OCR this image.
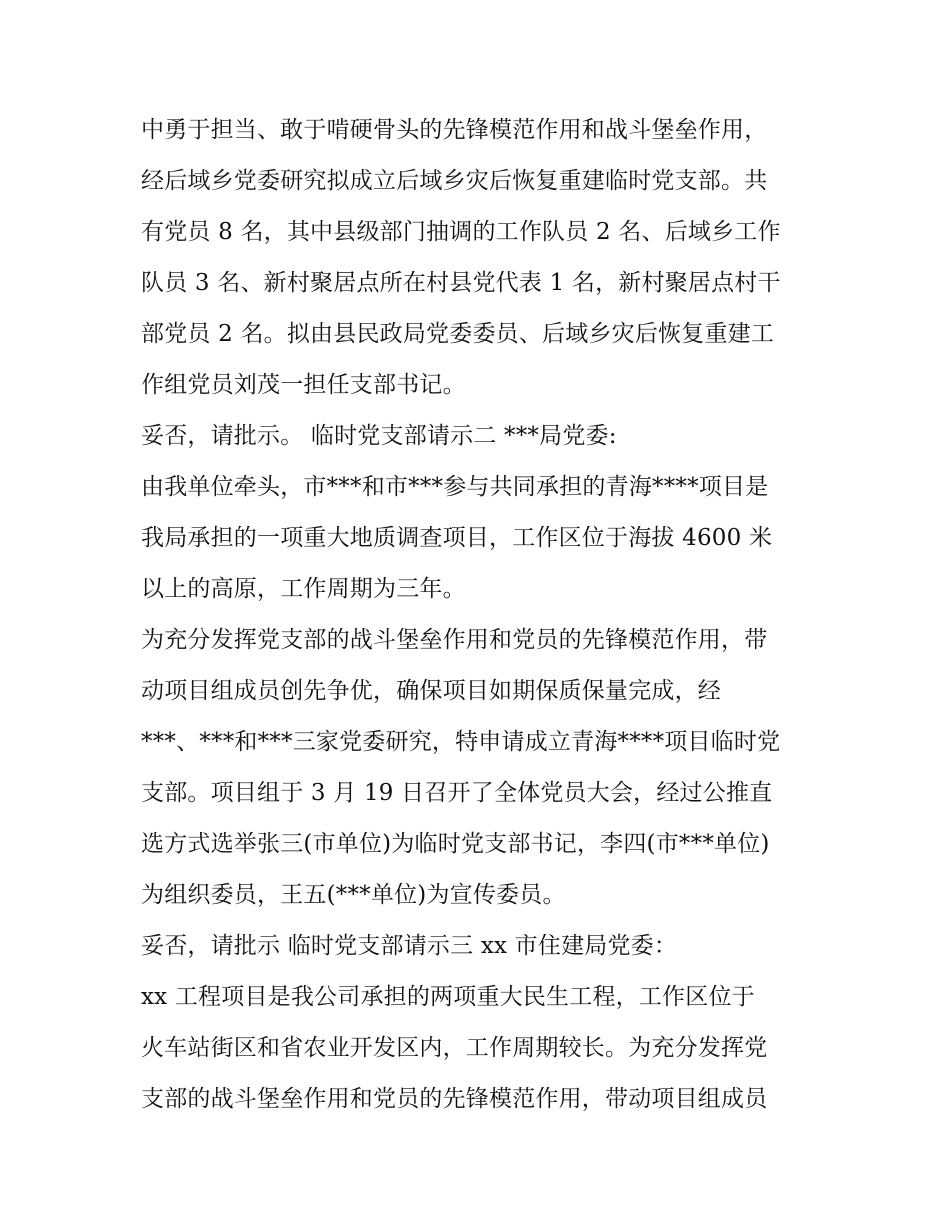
中勇于担当、敢于啃硬骨头的先锋模范作用和战斗堡垒作用，
经后域乡党委研究拟成立后域乡灾后恢复重建临时党支部。共
有党员 8 名，其中县级部门抽调的工作队员 2 名、后域乡工作
队员 3 名、新村聚居点所在村县党代表 1 名，新村聚居点村干
部党员 2 名。拟由县民政局党委委员、后域乡灾后恢复重建工
作组党员刘茂一担任支部书记。
妥否，请批示。 临时党支部请示二 ***局党委:
由我单位牵头，市***和市***参与共同承担的青海****项目是
我局承担的一项重大地质调查项目，工作区位于海拔 4600 米
以上的高原，工作周期为三年。
为充分发挥党支部的战斗堡垒作用和党员的先锋模范作用，带
动项目组成员创先争优，确保项目如期保质保量完成，经
***、***和***三家党委研究，特申请成立青海****项目临时党
支部。项目组于 3 月 19 日召开了全体党员大会，经过公推直
选方式选举张三(市单位)为临时党支部书记，李四(市***单位)
为组织委员，王五(***单位)为宣传委员。
妥否，请批示 临时党支部请示三 xx 市住建局党委：
xx 工程项目是我公司承担的两项重大民生工程，工作区位于
火车站街区和省农业开发区内，工作周期较长。为充分发挥党
支部的战斗堡垒作用和党员的先锋模范作用，带动项目组成员
